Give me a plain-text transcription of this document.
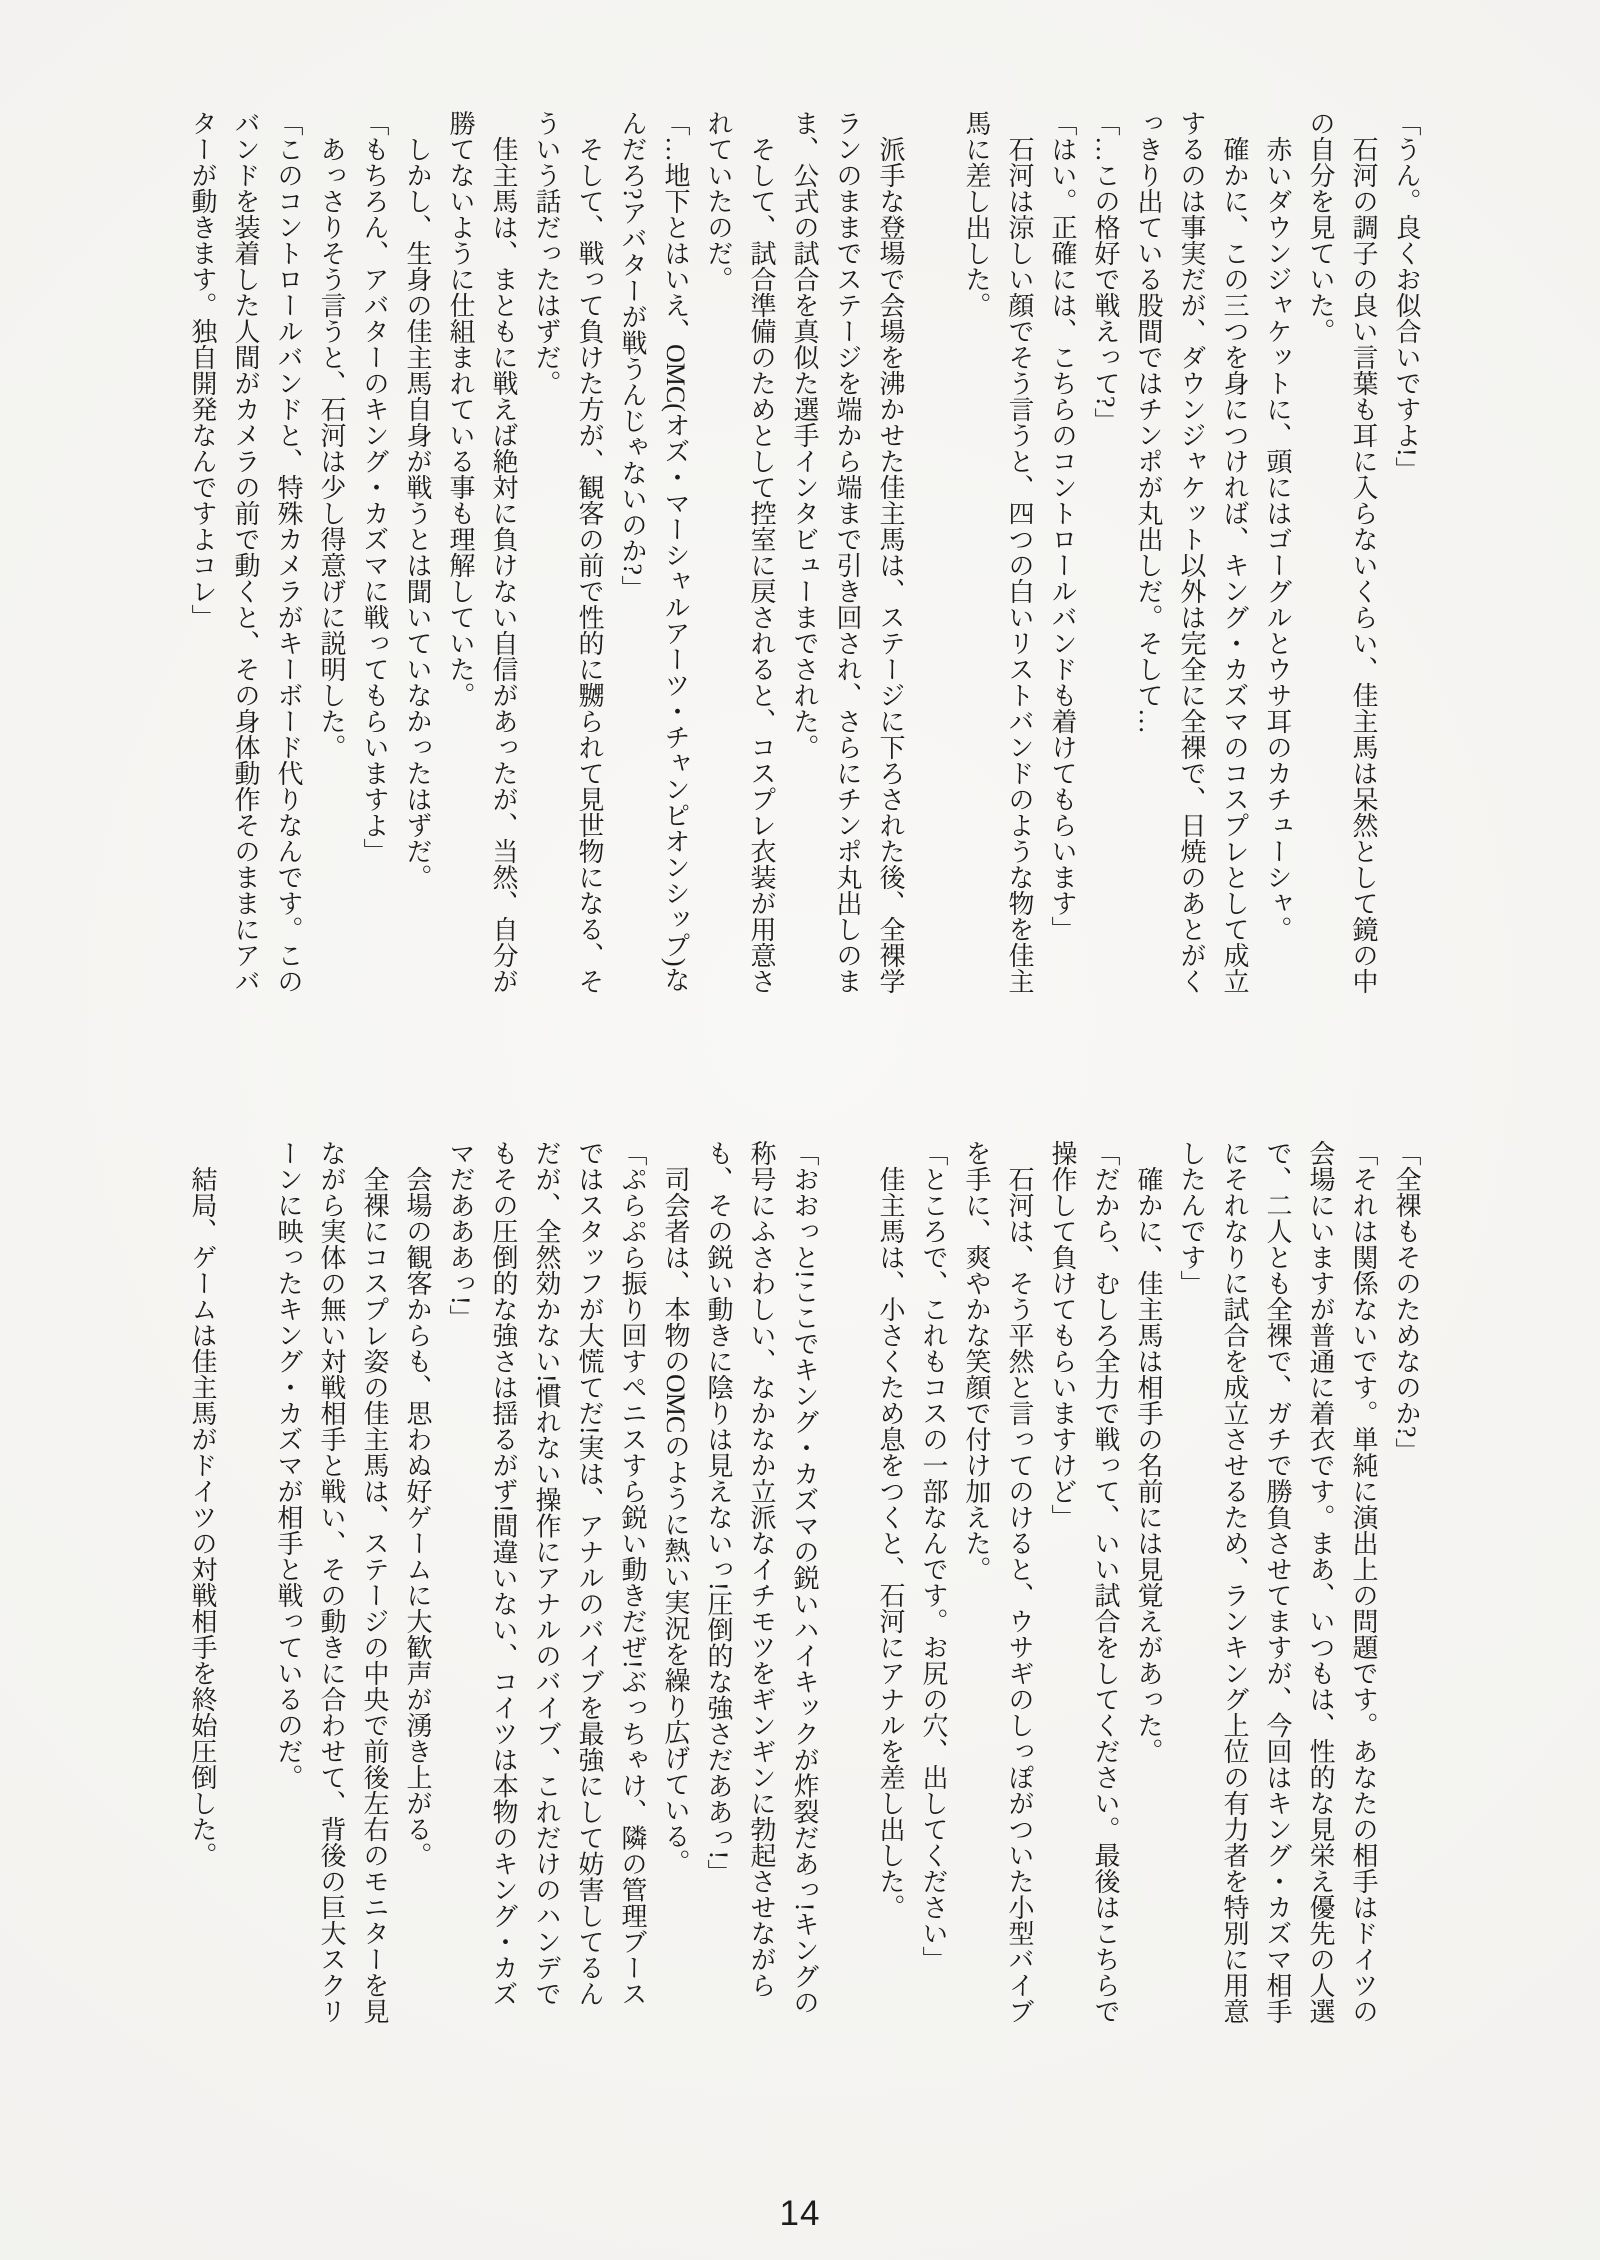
「うん。良くお似合いですよ!」

　石河の調子の良い言葉も耳に入らないくらい、佳主馬は呆然として鏡の中の自分を見ていた。

　赤いダウンジャケットに、頭にはゴーグルとウサ耳のカチューシャ。

　確かに、この三つを身につければ、キング・カズマのコスプレとして成立するのは事実だが、ダウンジャケット以外は完全に全裸で、日焼のあとがくっきり出ている股間ではチンポが丸出しだ。そして…

「…この格好で戦えって?」

「はい。正確には、こちらのコントロールバンドも着けてもらいます」

　石河は涼しい顔でそう言うと、四つの白いリストバンドのような物を佳主馬に差し出した。

　派手な登場で会場を沸かせた佳主馬は、ステージに下ろされた後、全裸学ランのままでステージを端から端まで引き回され、さらにチンポ丸出しのまま、公式の試合を真似た選手インタビューまでされた。

　そして、試合準備のためとして控室に戻されると、コスプレ衣装が用意されていたのだ。

「…地下とはいえ、OMC(オズ・マーシャルアーツ・チャンピオンシップ)なんだろ?アバターが戦うんじゃないのか?」

　そして、戦って負けた方が、観客の前で性的に嬲られて見世物になる、そういう話だったはずだ。

　佳主馬は、まともに戦えば絶対に負けない自信があったが、当然、自分が勝てないように仕組まれている事も理解していた。

　しかし、生身の佳主馬自身が戦うとは聞いていなかったはずだ。

「もちろん、アバターのキング・カズマに戦ってもらいますよ」

　あっさりそう言うと、石河は少し得意げに説明した。

「このコントロールバンドと、特殊カメラがキーボード代りなんです。このバンドを装着した人間がカメラの前で動くと、その身体動作そのままにアバターが動きます。独自開発なんですよコレ」

「全裸もそのためなのか?」

「それは関係ないです。単純に演出上の問題です。あなたの相手はドイツの会場にいますが普通に着衣です。まあ、いつもは、性的な見栄え優先の人選で、二人とも全裸で、ガチで勝負させてますが、今回はキング・カズマ相手にそれなりに試合を成立させるため、ランキング上位の有力者を特別に用意したんです」

　確かに、佳主馬は相手の名前には見覚えがあった。

「だから、むしろ全力で戦って、いい試合をしてください。最後はこちらで操作して負けてもらいますけど」

　石河は、そう平然と言ってのけると、ウサギのしっぽがついた小型バイブを手に、爽やかな笑顔で付け加えた。

「ところで、これもコスの一部なんです。お尻の穴、出してください」

　佳主馬は、小さくため息をつくと、石河にアナルを差し出した。

「おおっと!ここでキング・カズマの鋭いハイキックが炸裂だあっ!キングの称号にふさわしい、なかなか立派なイチモツをギンギンに勃起させながらも、その鋭い動きに陰りは見えないっ!圧倒的な強さだああっ!」

　司会者は、本物のOMCのように熱い実況を繰り広げている。

「ぷらぷら振り回すペニスすら鋭い動きだぜ!ぶっちゃけ、隣の管理ブースではスタッフが大慌てだ!実は、アナルのバイブを最強にして妨害してるんだが、全然効かない!慣れない操作にアナルのバイブ、これだけのハンデでもその圧倒的な強さは揺るがず!間違いない、コイツは本物のキング・カズマだあああっ!」

　会場の観客からも、思わぬ好ゲームに大歓声が湧き上がる。

　全裸にコスプレ姿の佳主馬は、ステージの中央で前後左右のモニターを見ながら実体の無い対戦相手と戦い、その動きに合わせて、背後の巨大スクリーンに映ったキング・カズマが相手と戦っているのだ。

　結局、ゲームは佳主馬がドイツの対戦相手を終始圧倒した。

14
